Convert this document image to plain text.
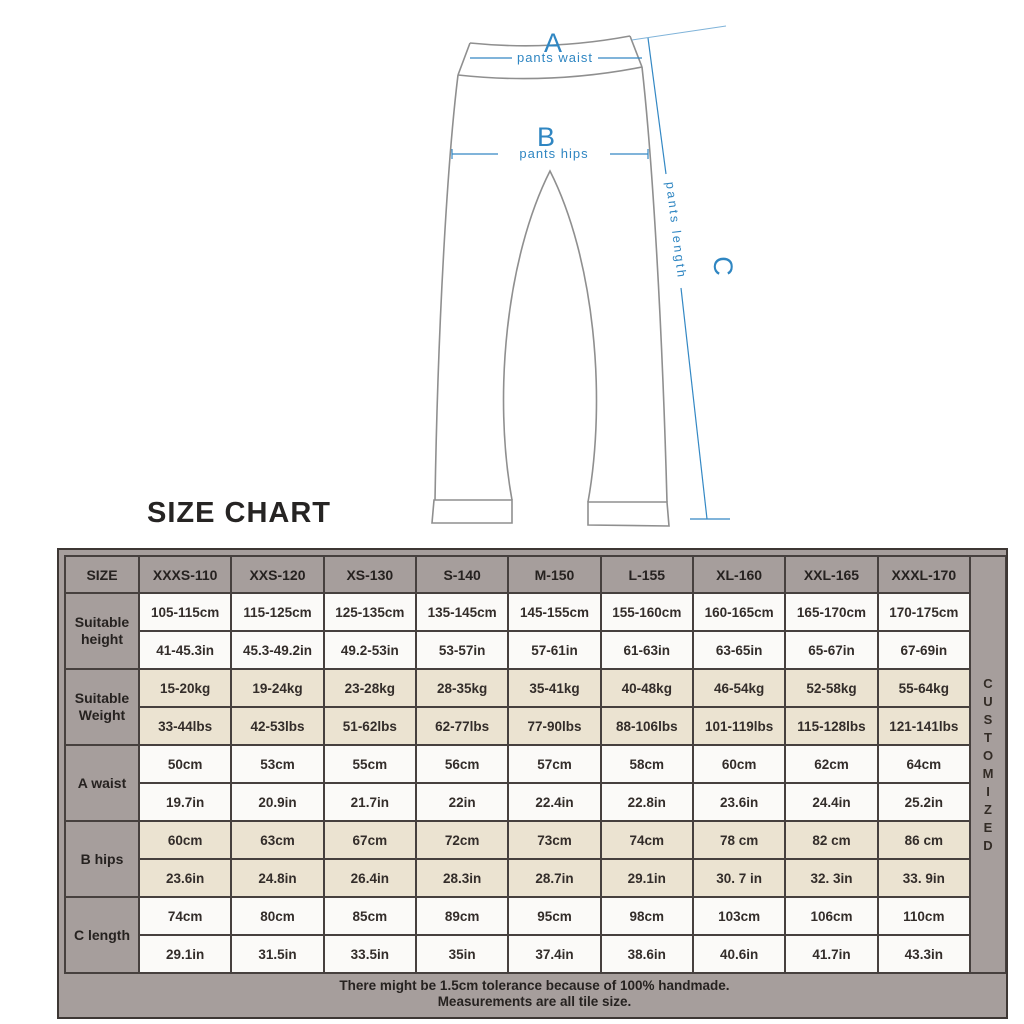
A
pants waist
B
pants hips
pants length C
SIZE CHART
SIZE	XXXS-110	XXS-120	XS-130	S-140	M-150	L-155	XL-160	XXL-165	XXXL-170
Suitable height	105-115cm	115-125cm	125-135cm	135-145cm	145-155cm	155-160cm	160-165cm	165-170cm	170-175cm
	41-45.3in	45.3-49.2in	49.2-53in	53-57in	57-61in	61-63in	63-65in	65-67in	67-69in
Suitable Weight	15-20kg	19-24kg	23-28kg	28-35kg	35-41kg	40-48kg	46-54kg	52-58kg	55-64kg
	33-44lbs	42-53lbs	51-62lbs	62-77lbs	77-90lbs	88-106lbs	101-119lbs	115-128lbs	121-141lbs
A waist	50cm	53cm	55cm	56cm	57cm	58cm	60cm	62cm	64cm
	19.7in	20.9in	21.7in	22in	22.4in	22.8in	23.6in	24.4in	25.2in
B hips	60cm	63cm	67cm	72cm	73cm	74cm	78 cm	82 cm	86 cm
	23.6in	24.8in	26.4in	28.3in	28.7in	29.1in	30. 7 in	32. 3in	33. 9in
C length	74cm	80cm	85cm	89cm	95cm	98cm	103cm	106cm	110cm
	29.1in	31.5in	33.5in	35in	37.4in	38.6in	40.6in	41.7in	43.3in
C
U
S
T
O
M
I
Z
E
D
There might be 1.5cm tolerance because of 100% handmade.
Measurements are all tile size.
